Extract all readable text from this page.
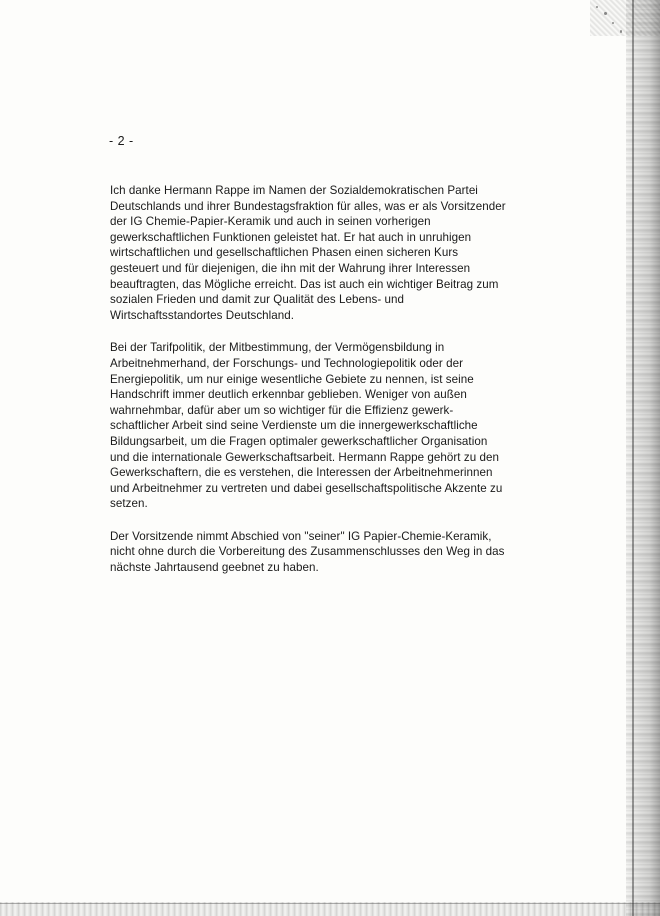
- 2 -

Ich danke Hermann Rappe im Namen der Sozialdemokratischen Partei
Deutschlands und ihrer Bundestagsfraktion für alles, was er als Vorsitzender
der IG Chemie-Papier-Keramik und auch in seinen vorherigen
gewerkschaftlichen Funktionen geleistet hat. Er hat auch in unruhigen
wirtschaftlichen und gesellschaftlichen Phasen einen sicheren Kurs
gesteuert und für diejenigen, die ihn mit der Wahrung ihrer Interessen
beauftragten, das Mögliche erreicht. Das ist auch ein wichtiger Beitrag zum
sozialen Frieden und damit zur Qualität des Lebens- und
Wirtschaftsstandortes Deutschland.

Bei der Tarifpolitik, der Mitbestimmung, der Vermögensbildung in
Arbeitnehmerhand, der Forschungs- und Technologiepolitik oder der
Energiepolitik, um nur einige wesentliche Gebiete zu nennen, ist seine
Handschrift immer deutlich erkennbar geblieben. Weniger von außen
wahrnehmbar, dafür aber um so wichtiger für die Effizienz gewerk-
schaftlicher Arbeit sind seine Verdienste um die innergewerkschaftliche
Bildungsarbeit, um die Fragen optimaler gewerkschaftlicher Organisation
und die internationale Gewerkschaftsarbeit. Hermann Rappe gehört zu den
Gewerkschaftern, die es verstehen, die Interessen der Arbeitnehmerinnen
und Arbeitnehmer zu vertreten und dabei gesellschaftspolitische Akzente zu
setzen.

Der Vorsitzende nimmt Abschied von "seiner" IG Papier-Chemie-Keramik,
nicht ohne durch die Vorbereitung des Zusammenschlusses den Weg in das
nächste Jahrtausend geebnet zu haben.
